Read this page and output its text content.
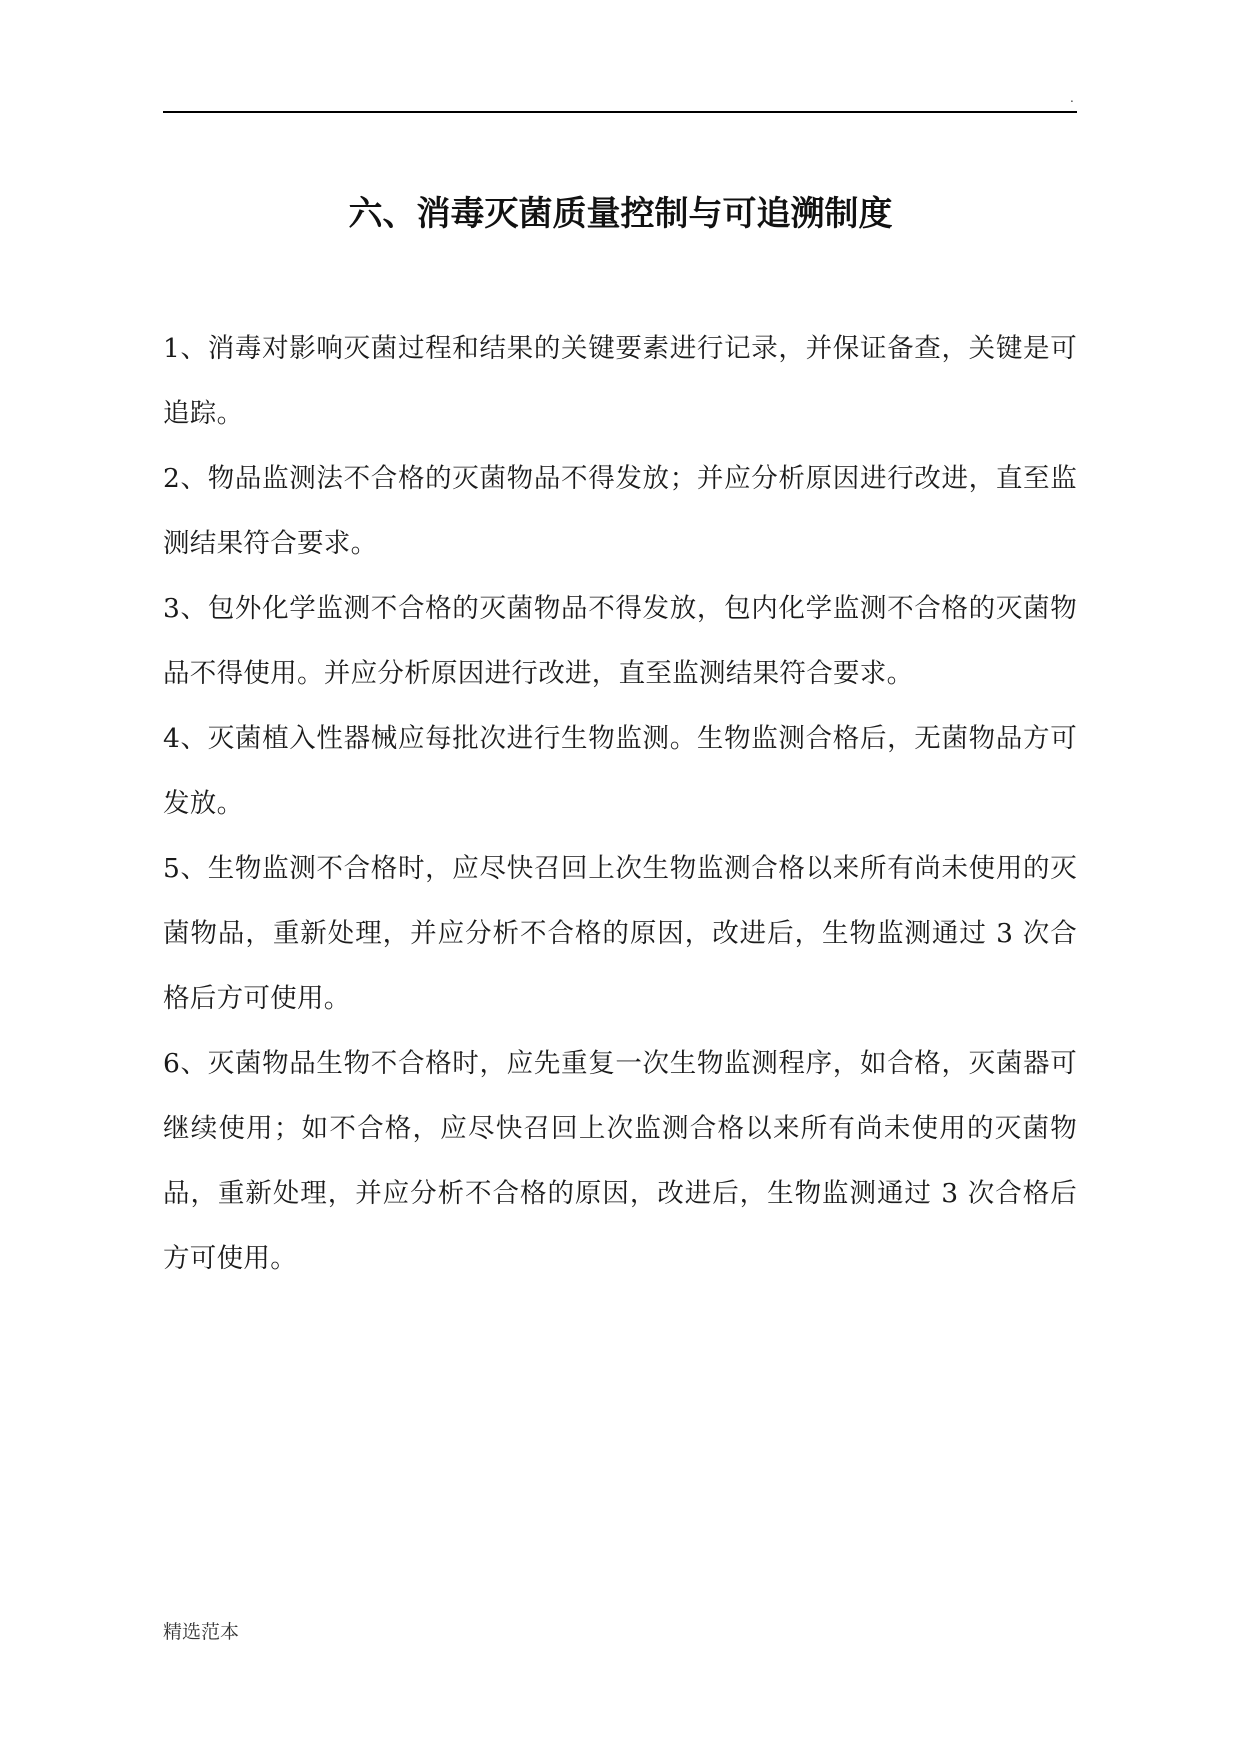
.
六、消毒灭菌质量控制与可追溯制度

1、消毒对影响灭菌过程和结果的关键要素进行记录，并保证备查，关键是可追踪。

2、物品监测法不合格的灭菌物品不得发放；并应分析原因进行改进，直至监测结果符合要求。

3、包外化学监测不合格的灭菌物品不得发放，包内化学监测不合格的灭菌物品不得使用。并应分析原因进行改进，直至监测结果符合要求。

4、灭菌植入性器械应每批次进行生物监测。生物监测合格后，无菌物品方可发放。

5、生物监测不合格时，应尽快召回上次生物监测合格以来所有尚未使用的灭菌物品，重新处理，并应分析不合格的原因，改进后，生物监测通过 3 次合格后方可使用。

6、灭菌物品生物不合格时，应先重复一次生物监测程序，如合格，灭菌器可继续使用；如不合格，应尽快召回上次监测合格以来所有尚未使用的灭菌物品，重新处理，并应分析不合格的原因，改进后，生物监测通过 3 次合格后方可使用。

精选范本
